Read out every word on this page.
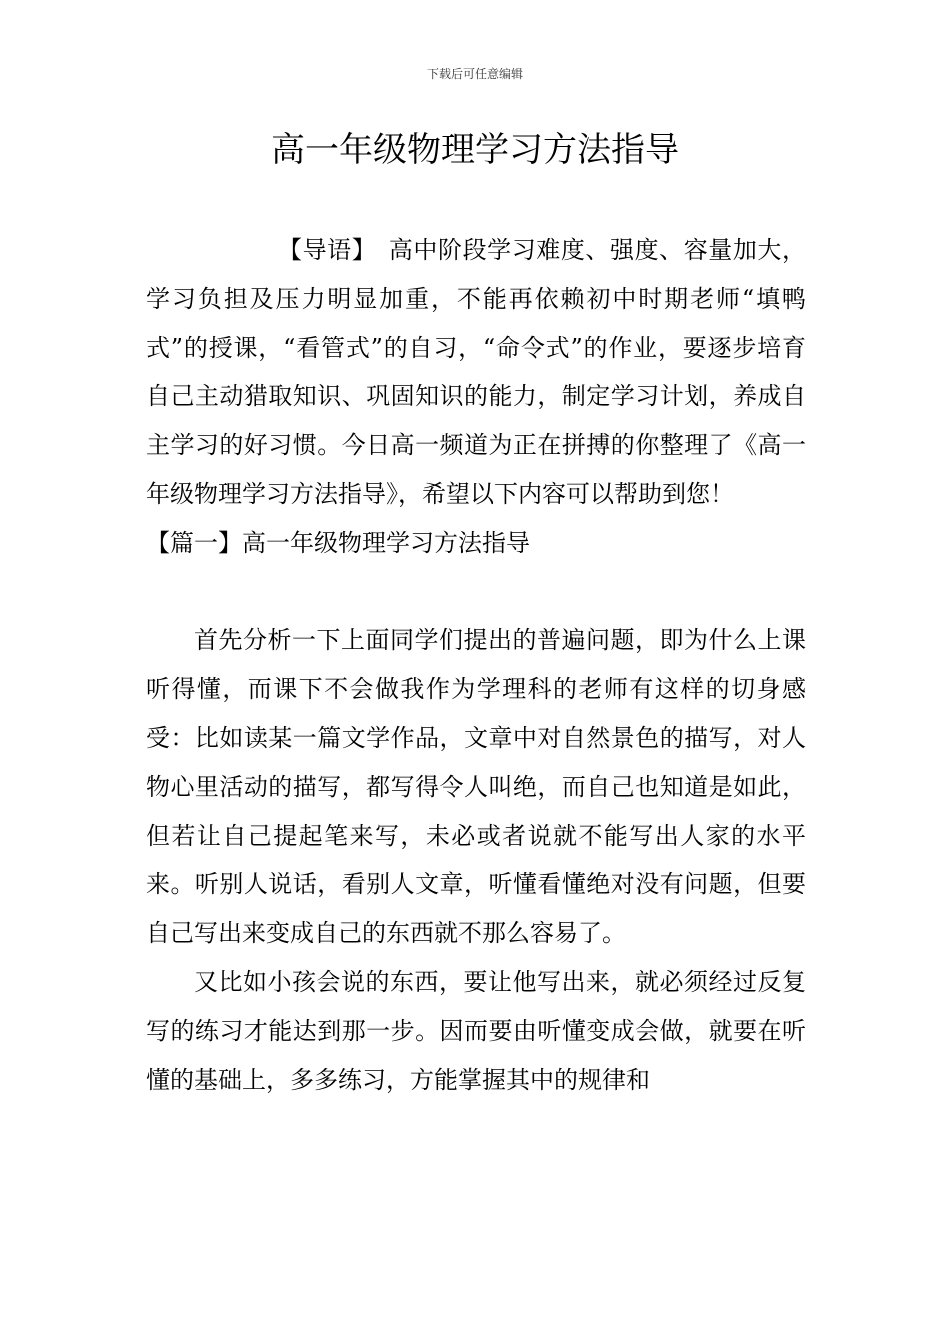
下载后可任意编辑
高一年级物理学习方法指导

【导语】　高中阶段学习难度、强度、容量加大，学习负担及压力明显加重，不能再依赖初中时期老师“填鸭式”的授课，“看管式”的自习，“命令式”的作业，要逐步培育自己主动猎取知识、巩固知识的能力，制定学习计划，养成自主学习的好习惯。今日高一频道为正在拼搏的你整理了《高一年级物理学习方法指导》，希望以下内容可以帮助到您！

【篇一】高一年级物理学习方法指导

首先分析一下上面同学们提出的普遍问题，即为什么上课听得懂，而课下不会做我作为学理科的老师有这样的切身感受：比如读某一篇文学作品，文章中对自然景色的描写，对人物心里活动的描写，都写得令人叫绝，而自己也知道是如此，但若让自己提起笔来写，未必或者说就不能写出人家的水平来。听别人说话，看别人文章，听懂看懂绝对没有问题，但要自己写出来变成自己的东西就不那么容易了。

又比如小孩会说的东西，要让他写出来，就必须经过反复写的练习才能达到那一步。因而要由听懂变成会做，就要在听懂的基础上，多多练习，方能掌握其中的规律和
